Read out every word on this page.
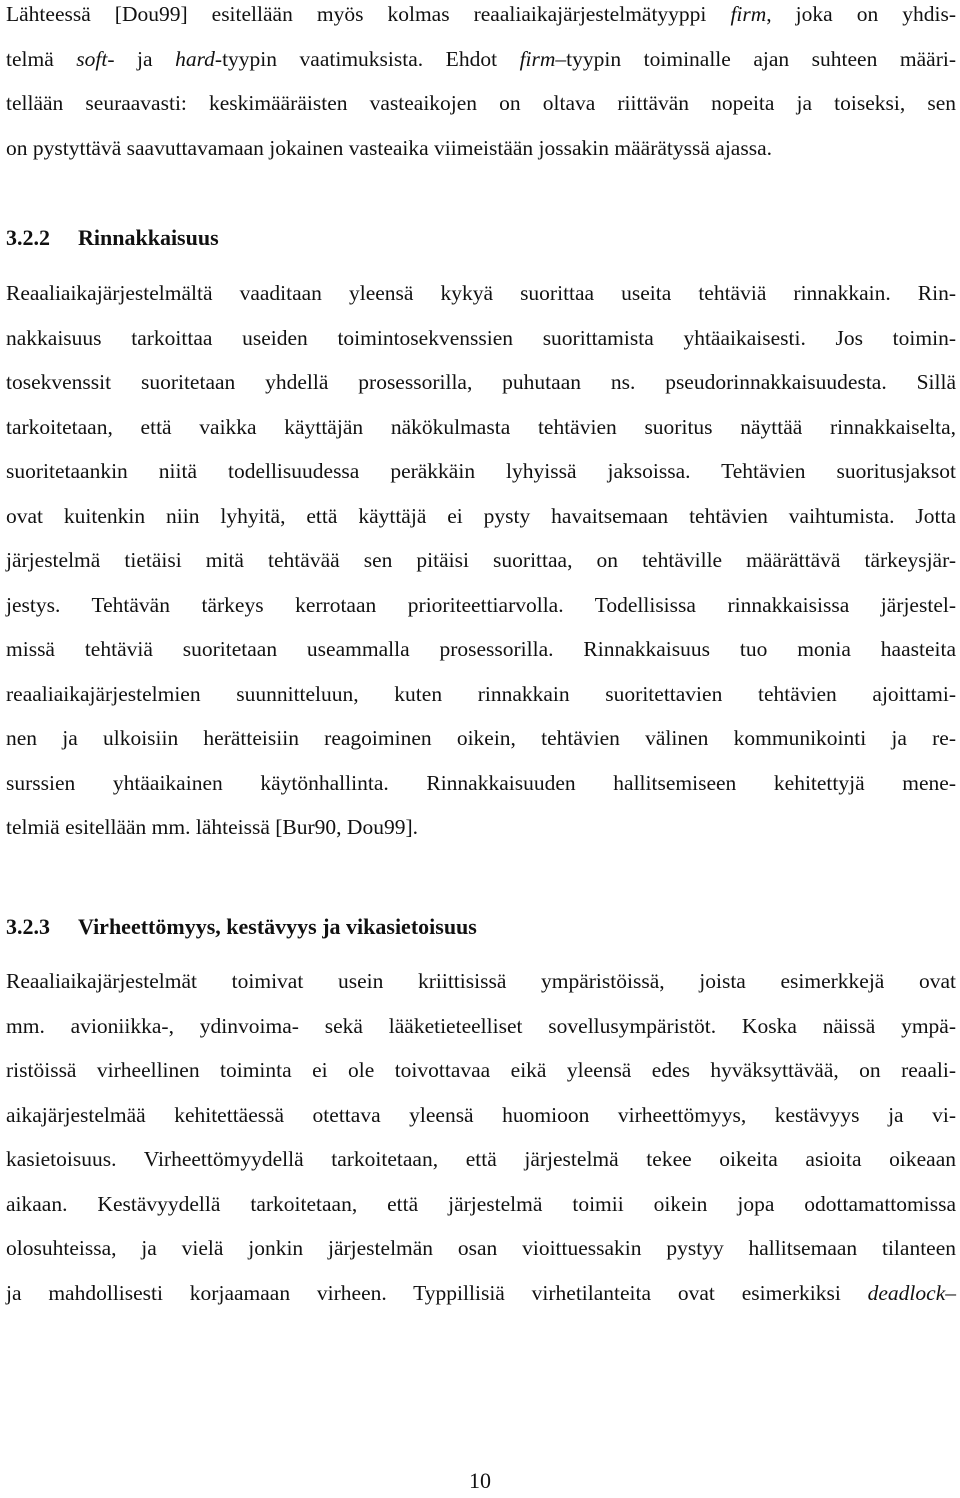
Lähteessä [Dou99] esitellään myös kolmas reaaliaikajärjestelmätyyppi firm, joka on yhdis-
telmä soft- ja hard-tyypin vaatimuksista. Ehdot firm–tyypin toiminalle ajan suhteen määri-
tellään seuraavasti: keskimääräisten vasteaikojen on oltava riittävän nopeita ja toiseksi, sen
on pystyttävä saavuttavamaan jokainen vasteaika viimeistään jossakin määrätyssä ajassa.

3.2.2 Rinnakkaisuus

Reaaliaikajärjestelmältä vaaditaan yleensä kykyä suorittaa useita tehtäviä rinnakkain. Rin-
nakkaisuus tarkoittaa useiden toimintosekvenssien suorittamista yhtäaikaisesti. Jos toimin-
tosekvenssit suoritetaan yhdellä prosessorilla, puhutaan ns. pseudorinnakkaisuudesta. Sillä
tarkoitetaan, että vaikka käyttäjän näkökulmasta tehtävien suoritus näyttää rinnakkaiselta,
suoritetaankin niitä todellisuudessa peräkkäin lyhyissä jaksoissa. Tehtävien suoritusjaksot
ovat kuitenkin niin lyhyitä, että käyttäjä ei pysty havaitsemaan tehtävien vaihtumista. Jotta
järjestelmä tietäisi mitä tehtävää sen pitäisi suorittaa, on tehtäville määrättävä tärkeysjär-
jestys. Tehtävän tärkeys kerrotaan prioriteettiarvolla. Todellisissa rinnakkaisissa järjestel-
missä tehtäviä suoritetaan useammalla prosessorilla. Rinnakkaisuus tuo monia haasteita
reaaliaikajärjestelmien suunnitteluun, kuten rinnakkain suoritettavien tehtävien ajoittami-
nen ja ulkoisiin herätteisiin reagoiminen oikein, tehtävien välinen kommunikointi ja re-
surssien yhtäaikainen käytönhallinta. Rinnakkaisuuden hallitsemiseen kehitettyjä mene-
telmiä esitellään mm. lähteissä [Bur90, Dou99].

3.2.3 Virheettömyys, kestävyys ja vikasietoisuus

Reaaliaikajärjestelmät toimivat usein kriittisissä ympäristöissä, joista esimerkkejä ovat
mm. avioniikka-, ydinvoima- sekä lääketieteelliset sovellusympäristöt. Koska näissä ympä-
ristöissä virheellinen toiminta ei ole toivottavaa eikä yleensä edes hyväksyttävää, on reaali-
aikajärjestelmää kehitettäessä otettava yleensä huomioon virheettömyys, kestävyys ja vi-
kasietoisuus. Virheettömyydellä tarkoitetaan, että järjestelmä tekee oikeita asioita oikeaan
aikaan. Kestävyydellä tarkoitetaan, että järjestelmä toimii oikein jopa odottamattomissa
olosuhteissa, ja vielä jonkin järjestelmän osan vioittuessakin pystyy hallitsemaan tilanteen
ja mahdollisesti korjaamaan virheen. Typpillisiä virhetilanteita ovat esimerkiksi deadlock–

10
